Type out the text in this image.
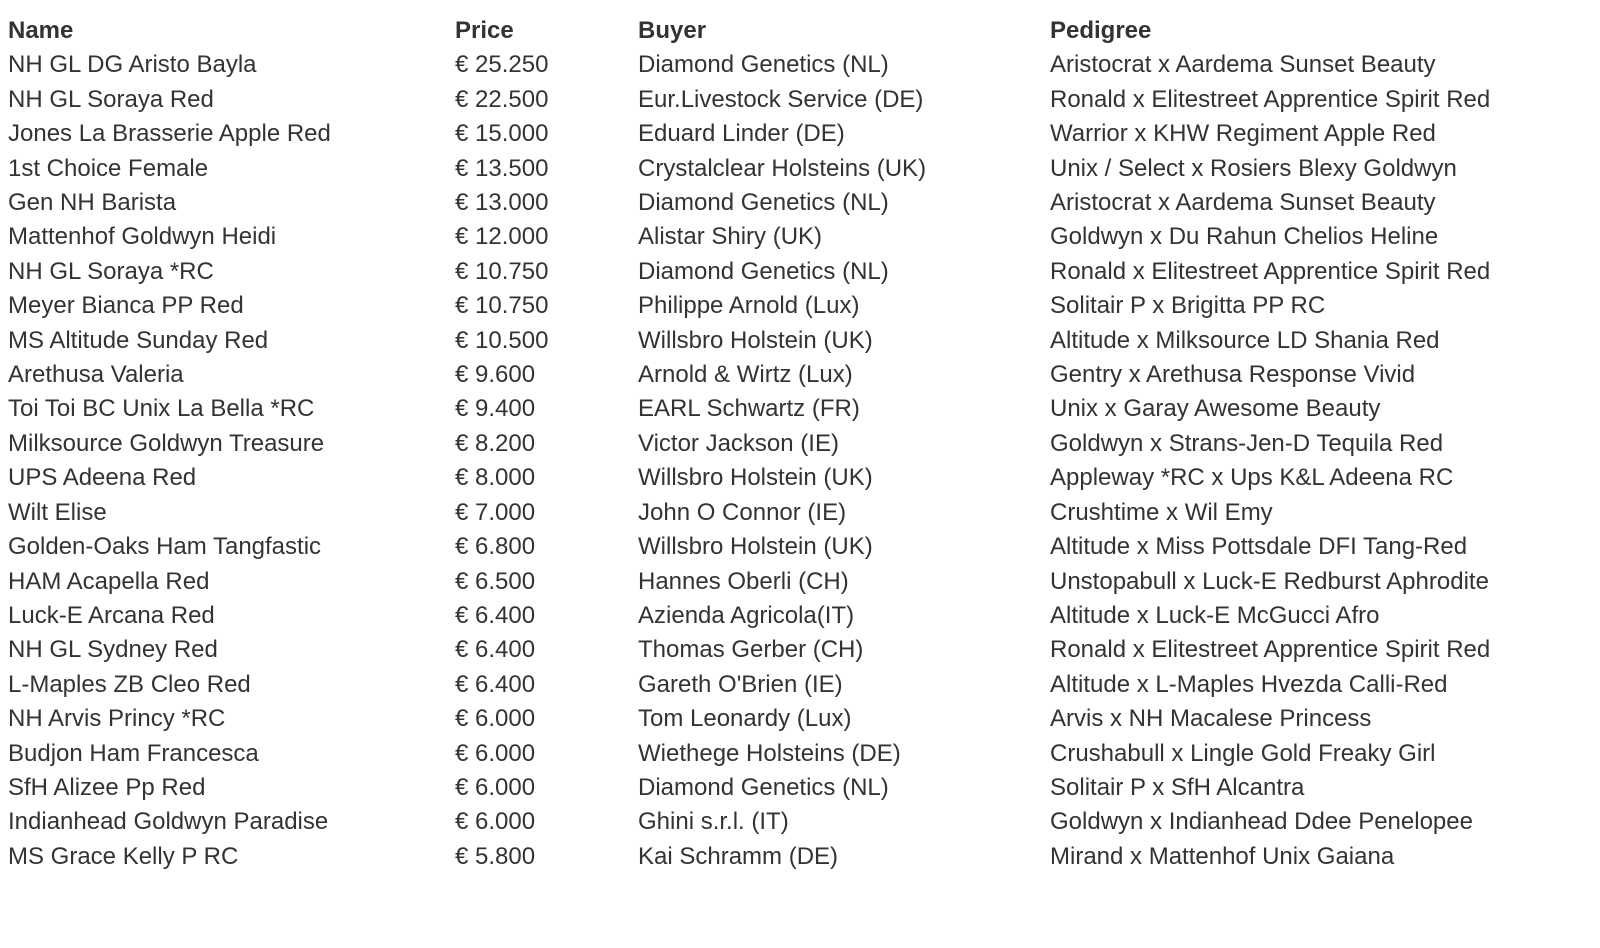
Name	Price	Buyer	Pedigree
NH GL DG Aristo Bayla	€ 25.250	Diamond Genetics (NL)	Aristocrat x Aardema Sunset Beauty
NH GL Soraya Red	€ 22.500	Eur.Livestock Service (DE)	Ronald x Elitestreet Apprentice Spirit Red
Jones La Brasserie Apple Red	€ 15.000	Eduard Linder (DE)	Warrior x KHW Regiment Apple Red
1st Choice Female	€ 13.500	Crystalclear Holsteins (UK)	Unix / Select x Rosiers Blexy Goldwyn
Gen NH Barista	€ 13.000	Diamond Genetics (NL)	Aristocrat x Aardema Sunset Beauty
Mattenhof Goldwyn Heidi	€ 12.000	Alistar Shiry (UK)	Goldwyn x Du Rahun Chelios Heline
NH GL Soraya *RC	€ 10.750	Diamond Genetics (NL)	Ronald x Elitestreet Apprentice Spirit Red
Meyer Bianca PP Red	€ 10.750	Philippe Arnold (Lux)	Solitair P x Brigitta PP RC
MS Altitude Sunday Red	€ 10.500	Willsbro Holstein (UK)	Altitude x Milksource LD Shania Red
Arethusa Valeria	€ 9.600	Arnold & Wirtz (Lux)	Gentry x Arethusa Response Vivid
Toi Toi BC Unix La Bella *RC	€ 9.400	EARL Schwartz (FR)	Unix x Garay Awesome Beauty
Milksource Goldwyn Treasure	€ 8.200	Victor Jackson (IE)	Goldwyn x Strans-Jen-D Tequila Red
UPS Adeena Red	€ 8.000	Willsbro Holstein (UK)	Appleway *RC x Ups K&L Adeena RC
Wilt Elise	€ 7.000	John O Connor (IE)	Crushtime x Wil Emy
Golden-Oaks Ham Tangfastic	€ 6.800	Willsbro Holstein (UK)	Altitude x Miss Pottsdale DFI Tang-Red
HAM Acapella Red	€ 6.500	Hannes Oberli (CH)	Unstopabull x Luck-E Redburst Aphrodite
Luck-E Arcana Red	€ 6.400	Azienda Agricola(IT)	Altitude x Luck-E McGucci Afro
NH GL Sydney Red	€ 6.400	Thomas Gerber (CH)	Ronald x Elitestreet Apprentice Spirit Red
L-Maples ZB Cleo Red	€ 6.400	Gareth O'Brien (IE)	Altitude x L-Maples Hvezda Calli-Red
NH Arvis Princy *RC	€ 6.000	Tom Leonardy (Lux)	Arvis x NH Macalese Princess
Budjon Ham Francesca	€ 6.000	Wiethege Holsteins (DE)	Crushabull x Lingle Gold Freaky Girl
SfH Alizee Pp Red	€ 6.000	Diamond Genetics (NL)	Solitair P x SfH Alcantra
Indianhead Goldwyn Paradise	€ 6.000	Ghini s.r.l. (IT)	Goldwyn x Indianhead Ddee Penelopee
MS Grace Kelly P RC	€ 5.800	Kai Schramm (DE)	Mirand x Mattenhof Unix Gaiana
